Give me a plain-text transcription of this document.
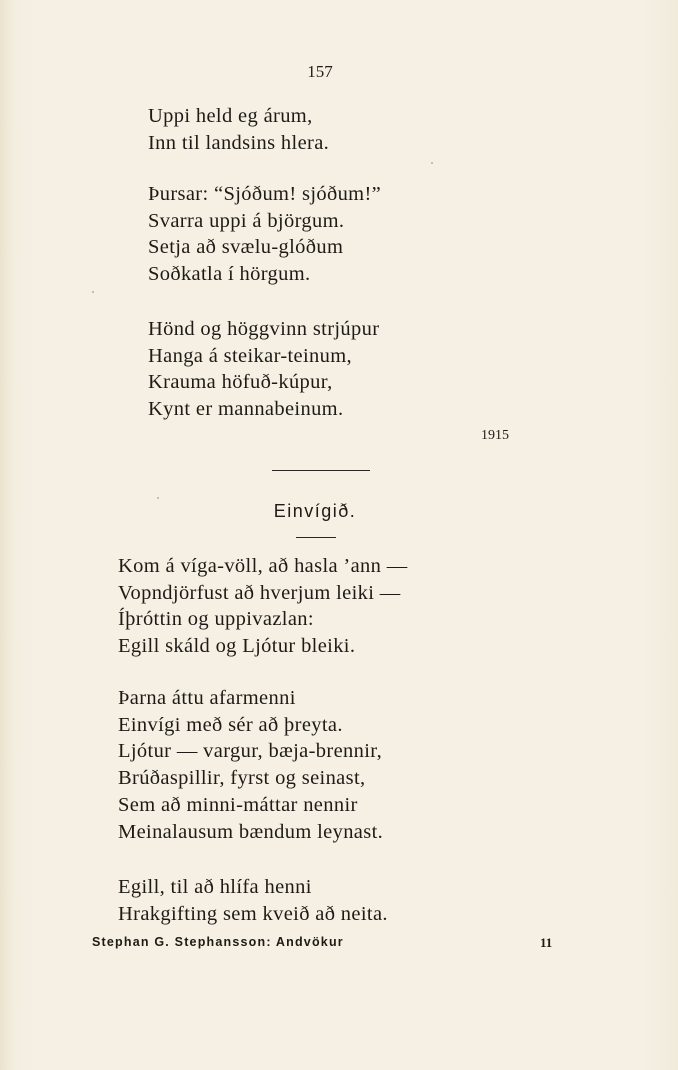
157
Uppi held eg árum,
Inn til landsins hlera.
Þursar: “Sjóðum! sjóðum!”
Svarra uppi á björgum.
Setja að svælu-glóðum
Soðkatla í hörgum.
Hönd og höggvinn strjúpur
Hanga á steikar-teinum,
Krauma höfuð-kúpur,
Kynt er mannabeinum.
1915
Einvígið.
Kom á víga-völl, að hasla ’ann —
Vopndjörfust að hverjum leiki —
Íþróttin og uppivazlan:
Egill skáld og Ljótur bleiki.
Þarna áttu afarmenni
Einvígi með sér að þreyta.
Ljótur — vargur, bæja-brennir,
Brúðaspillir, fyrst og seinast,
Sem að minni-máttar nennir
Meinalausum bændum leynast.
Egill, til að hlífa henni
Hrakgifting sem kveið að neita.
Stephan G. Stephansson: Andvökur	11
